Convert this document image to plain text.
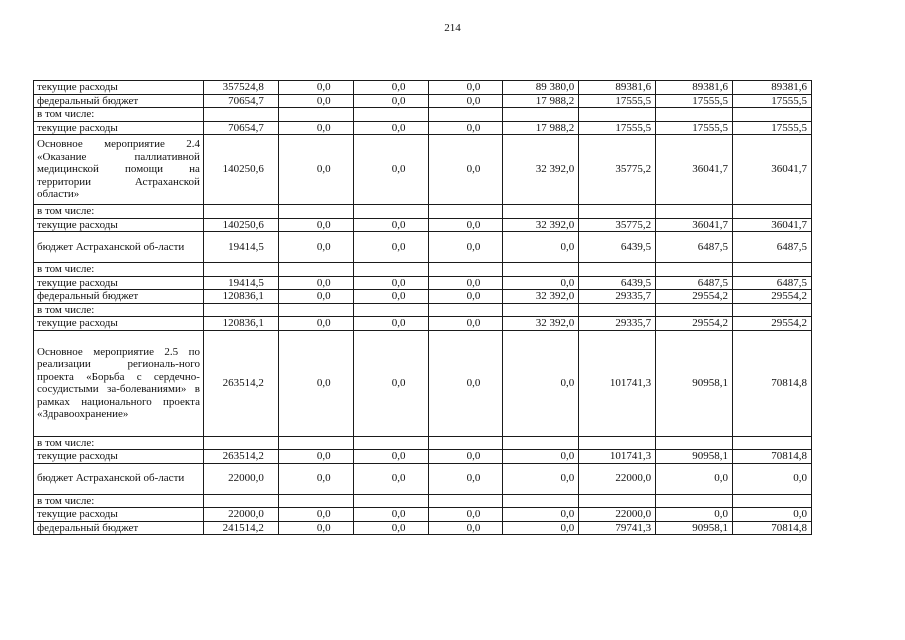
214
текущие расходы	357524,8	0,0	0,0	0,0	89 380,0	89381,6	89381,6	89381,6
федеральный бюджет	70654,7	0,0	0,0	0,0	17 988,2	17555,5	17555,5	17555,5
в том числе:								
текущие расходы	70654,7	0,0	0,0	0,0	17 988,2	17555,5	17555,5	17555,5
Основное мероприятие 2.4 «Оказание паллиативной медицинской помощи на территории Астраханской области»	140250,6	0,0	0,0	0,0	32 392,0	35775,2	36041,7	36041,7
в том числе:								
текущие расходы	140250,6	0,0	0,0	0,0	32 392,0	35775,2	36041,7	36041,7
бюджет Астраханской об-ласти	19414,5	0,0	0,0	0,0	0,0	6439,5	6487,5	6487,5
в том числе:								
текущие расходы	19414,5	0,0	0,0	0,0	0,0	6439,5	6487,5	6487,5
федеральный бюджет	120836,1	0,0	0,0	0,0	32 392,0	29335,7	29554,2	29554,2
в том числе:								
текущие расходы	120836,1	0,0	0,0	0,0	32 392,0	29335,7	29554,2	29554,2
Основное мероприятие 2.5 по реализации региональ-ного проекта «Борьба с сердечно-сосудистыми за-болеваниями» в рамках национального проекта «Здравоохранение»	263514,2	0,0	0,0	0,0	0,0	101741,3	90958,1	70814,8
в том числе:								
текущие расходы	263514,2	0,0	0,0	0,0	0,0	101741,3	90958,1	70814,8
бюджет Астраханской об-ласти	22000,0	0,0	0,0	0,0	0,0	22000,0	0,0	0,0
в том числе:								
текущие расходы	22000,0	0,0	0,0	0,0	0,0	22000,0	0,0	0,0
федеральный бюджет	241514,2	0,0	0,0	0,0	0,0	79741,3	90958,1	70814,8
